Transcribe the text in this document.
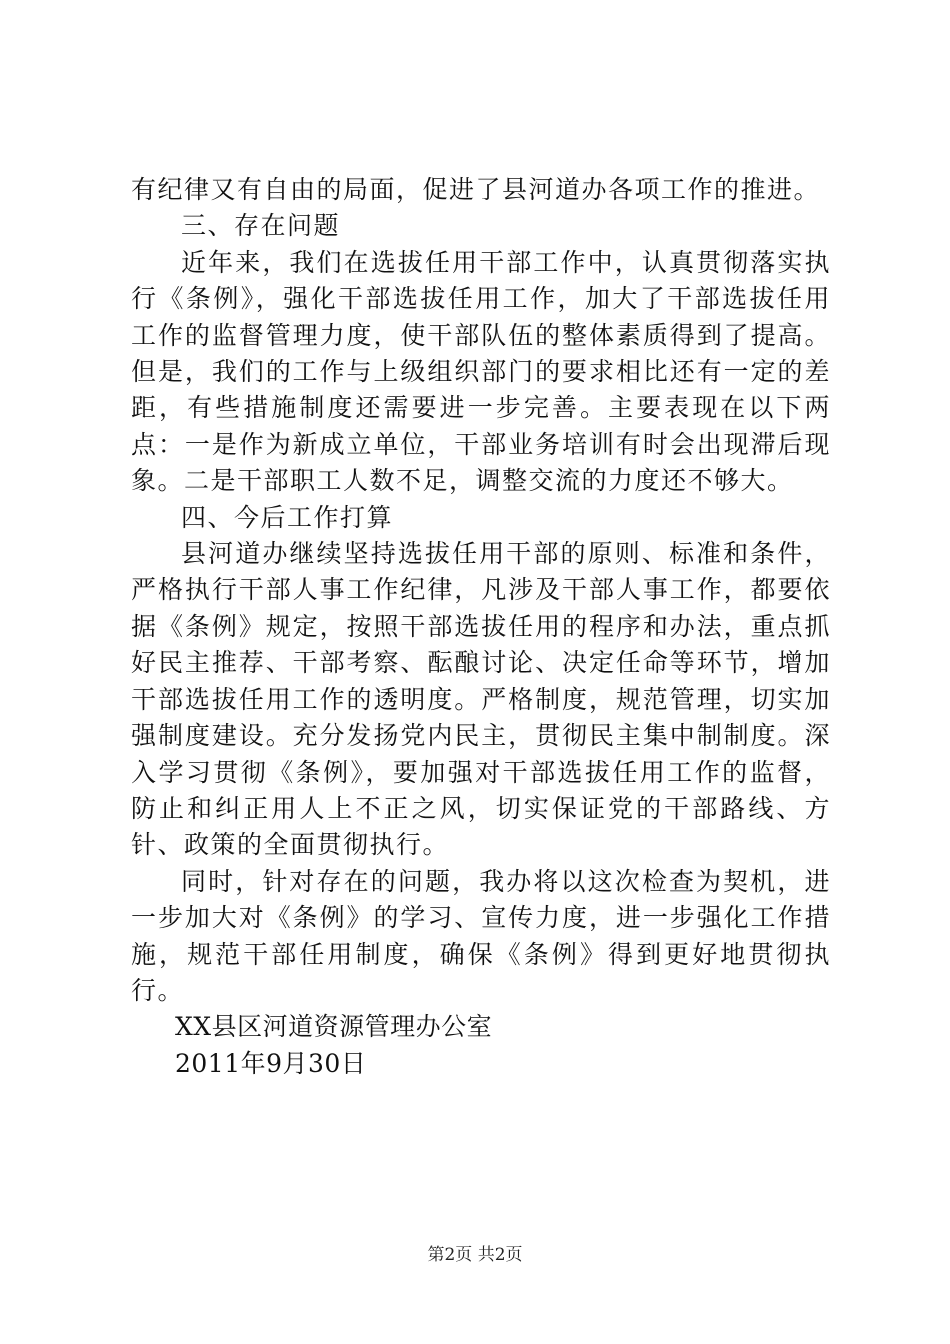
有纪律又有自由的局面，促进了县河道办各项工作的推进。

三、存在问题

近年来，我们在选拔任用干部工作中，认真贯彻落实执行《条例》，强化干部选拔任用工作，加大了干部选拔任用工作的监督管理力度，使干部队伍的整体素质得到了提高。但是，我们的工作与上级组织部门的要求相比还有一定的差距，有些措施制度还需要进一步完善。主要表现在以下两点：一是作为新成立单位，干部业务培训有时会出现滞后现象。二是干部职工人数不足，调整交流的力度还不够大。

四、今后工作打算

县河道办继续坚持选拔任用干部的原则、标准和条件，严格执行干部人事工作纪律，凡涉及干部人事工作，都要依据《条例》规定，按照干部选拔任用的程序和办法，重点抓好民主推荐、干部考察、酝酿讨论、决定任命等环节，增加干部选拔任用工作的透明度。严格制度，规范管理，切实加强制度建设。充分发扬党内民主，贯彻民主集中制制度。深入学习贯彻《条例》，要加强对干部选拔任用工作的监督，防止和纠正用人上不正之风，切实保证党的干部路线、方针、政策的全面贯彻执行。

同时，针对存在的问题，我办将以这次检查为契机，进一步加大对《条例》的学习、宣传力度，进一步强化工作措施，规范干部任用制度，确保《条例》得到更好地贯彻执行。

XX县区河道资源管理办公室

2011年9月30日

第2页 共2页
